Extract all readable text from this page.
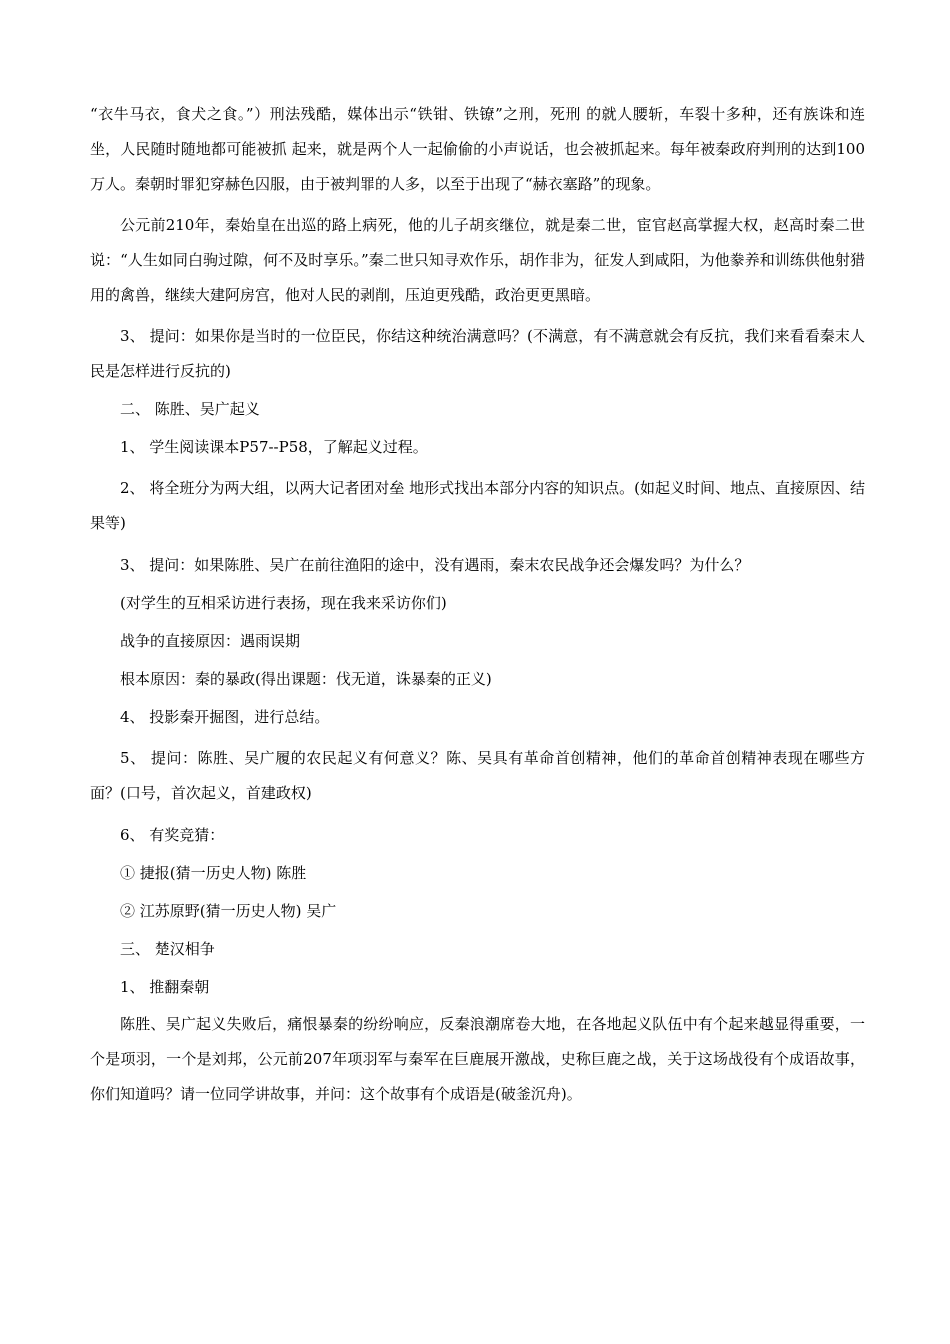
“衣牛马衣，食犬之食。”）刑法残酷，媒体出示“铁钳、铁镣”之刑，死刑 的就人腰斩，车裂十多种，还有族诛和连坐，人民随时随地都可能被抓 起来，就是两个人一起偷偷的小声说话，也会被抓起来。每年被秦政府判刑的达到100万人。秦朝时罪犯穿赫色囚服，由于被判罪的人多，以至于出现了“赫衣塞路”的现象。

公元前210年，秦始皇在出巡的路上病死，他的儿子胡亥继位，就是秦二世，宦官赵高掌握大权，赵高时秦二世说：“人生如同白驹过隙，何不及时享乐。”秦二世只知寻欢作乐，胡作非为，征发人到咸阳，为他豢养和训练供他射猎用的禽兽，继续大建阿房宫，他对人民的剥削，压迫更残酷，政治更更黑暗。

3、 提问：如果你是当时的一位臣民，你结这种统治满意吗？(不满意，有不满意就会有反抗，我们来看看秦末人民是怎样进行反抗的)

二、 陈胜、吴广起义

1、 学生阅读课本P57--P58，了解起义过程。

2、 将全班分为两大组，以两大记者团对垒 地形式找出本部分内容的知识点。(如起义时间、地点、直接原因、结果等)

3、 提问：如果陈胜、吴广在前往渔阳的途中，没有遇雨，秦末农民战争还会爆发吗？为什么？

(对学生的互相采访进行表扬，现在我来采访你们)

战争的直接原因：遇雨误期

根本原因：秦的暴政(得出课题：伐无道，诛暴秦的正义)

4、 投影秦开掘图，进行总结。

5、 提问：陈胜、吴广履的农民起义有何意义？陈、吴具有革命首创精神，他们的革命首创精神表现在哪些方面？(口号，首次起义，首建政权)

6、 有奖竞猜：

① 捷报(猜一历史人物) 陈胜

② 江苏原野(猜一历史人物) 吴广

三、 楚汉相争

1、 推翻秦朝

陈胜、吴广起义失败后，痛恨暴秦的纷纷响应，反秦浪潮席卷大地，在各地起义队伍中有个起来越显得重要，一个是项羽，一个是刘邦，公元前207年项羽军与秦军在巨鹿展开激战，史称巨鹿之战，关于这场战役有个成语故事，你们知道吗？请一位同学讲故事，并问：这个故事有个成语是(破釜沉舟)。
